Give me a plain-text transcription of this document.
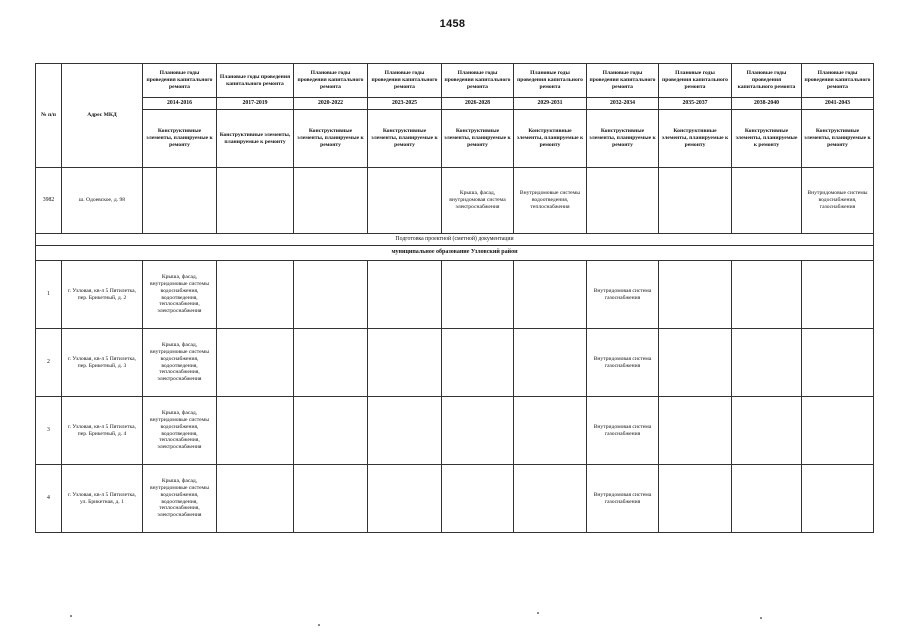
1458
№ п/п	Адрес МКД	Плановые годы проведения капитального ремонта	Плановые годы проведения капитального ремонта	Плановые годы проведения капитального ремонта	Плановые годы проведения капитального ремонта	Плановые годы проведения капитального ремонта	Плановые годы проведения капитального ремонта	Плановые годы проведения капитального ремонта	Плановые годы проведения капитального ремонта	Плановые годы проведения капитального ремонта	Плановые годы проведения капитального ремонта
		2014-2016	2017-2019	2020-2022	2023-2025	2026-2028	2029-2031	2032-2034	2035-2037	2038-2040	2041-2043
		Конструктивные элементы, планируемые к ремонту	Конструктивные элементы, планируемые к ремонту	Конструктивные элементы, планируемые к ремонту	Конструктивные элементы, планируемые к ремонту	Конструктивные элементы, планируемые к ремонту	Конструктивные элементы, планируемые к ремонту	Конструктивные элементы, планируемые к ремонту	Конструктивные элементы, планируемые к ремонту	Конструктивные элементы, планируемые к ремонту	Конструктивные элементы, планируемые к ремонту
3982	ш. Одоевское, д. 98					Крыша, фасад, внутридомовая система электроснабжения	Внутридомовые системы водоотведения, теплоснабжения				Внутридомовые системы водоснабжения, газоснабжения
Подготовка проектной (сметной) документации											
муниципальное образование Узловский район											
1	г. Узловая, кв-л 5 Пятилетка, пер. Брикетный, д. 2	Крыша, фасад, внутридомовые системы водоснабжения, водоотведения, теплоснабжения, электроснабжения						Внутридомовая система газоснабжения			
2	г. Узловая, кв-л 5 Пятилетка, пер. Брикетный, д. 3	Крыша, фасад, внутридомовые системы водоснабжения, водоотведения, теплоснабжения, электроснабжения						Внутридомовая система газоснабжения			
3	г. Узловая, кв-л 5 Пятилетка, пер. Брикетный, д. 4	Крыша, фасад, внутридомовые системы водоснабжения, водоотведения, теплоснабжения, электроснабжения						Внутридомовая система газоснабжения			
4	г. Узловая, кв-л 5 Пятилетка, ул. Брикетная, д. 1	Крыша, фасад, внутридомовые системы водоснабжения, водоотведения, теплоснабжения, электроснабжения						Внутридомовая система газоснабжения			
